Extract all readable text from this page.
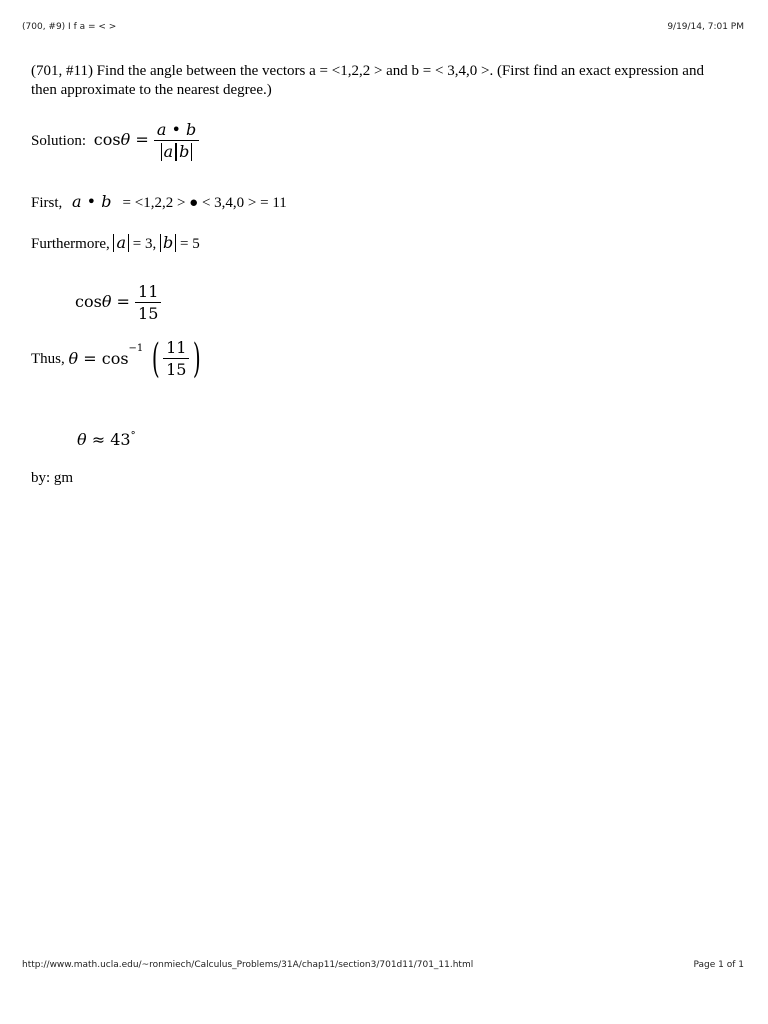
(700, #9) I f a = < >	9/19/14, 7:01 PM

(701, #11) Find the angle between the vectors a = <1,2,2 > and b = < 3,4,0 >. (First find an exact expression and then approximate to the nearest degree.)

Solution: $\cos\theta = \frac{a • b}{\text{a b}}$
First, a • b = <1,2,2 > ● < 3,4,0 > = 11
Furthermore, a = 3, b = 5
$\cos\theta = \frac{11}{15}$
Thus, $\theta = \cos^{-1}$ ( $\frac{11}{15}$ )
θ ≈ 43°
by: gm
http://www.math.ucla.edu/~ronmiech/Calculus_Problems/31A/chap11/section3/701d11/701_11.html	Page 1 of 1
